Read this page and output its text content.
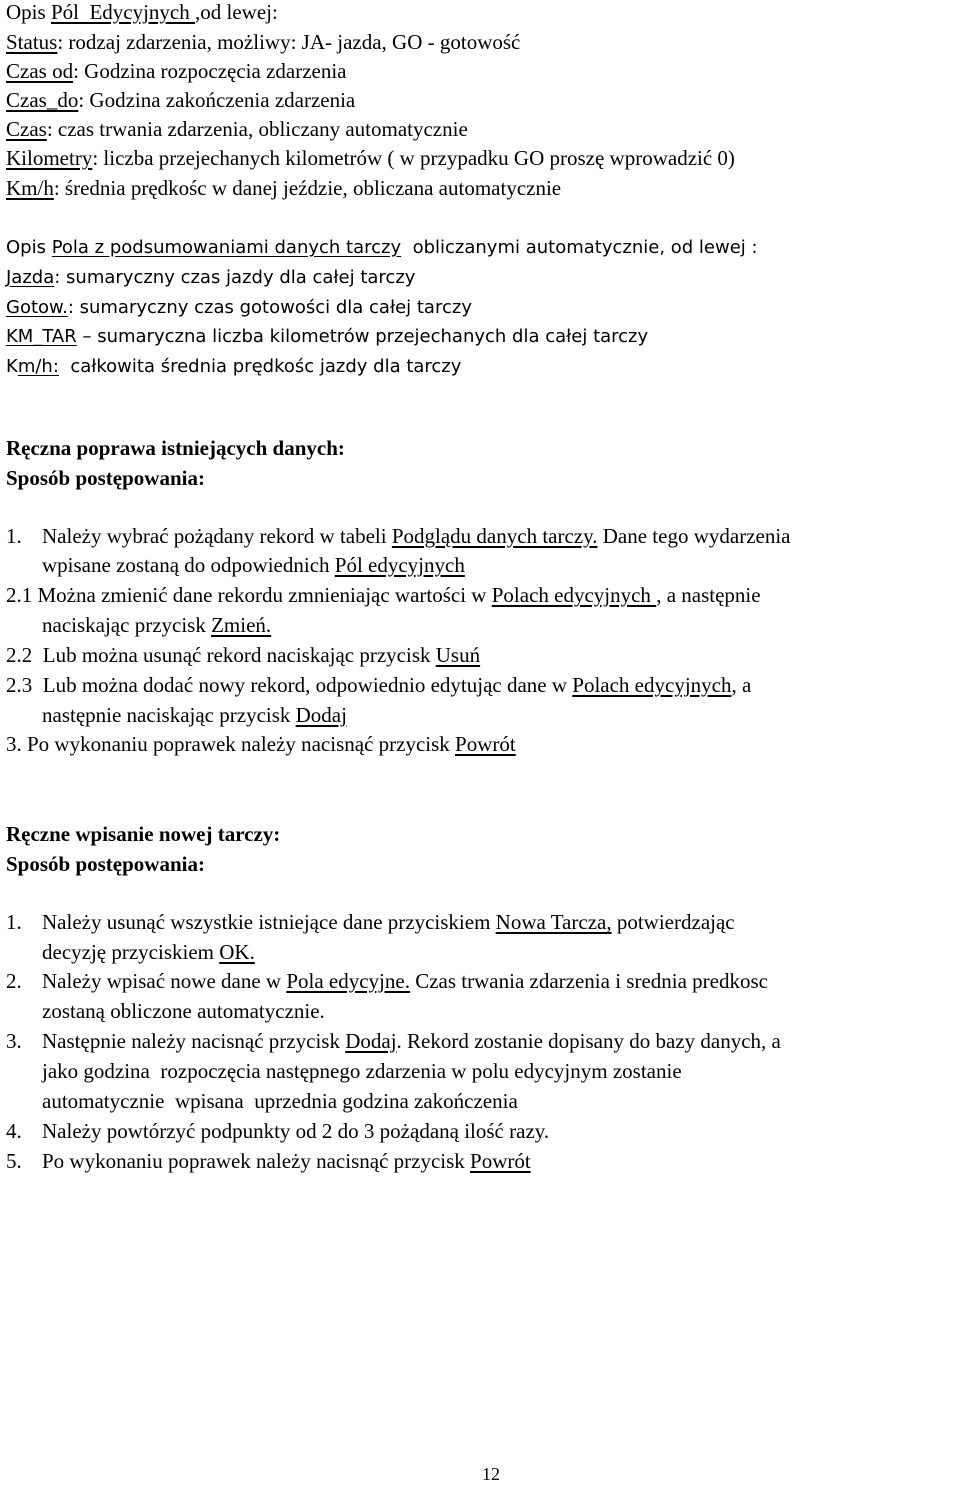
Opis Pól  Edycyjnych ,od lewej:
Status: rodzaj zdarzenia, możliwy: JA- jazda, GO - gotowość
Czas od: Godzina rozpoczęcia zdarzenia
Czas_do: Godzina zakończenia zdarzenia
Czas: czas trwania zdarzenia, obliczany automatycznie
Kilometry: liczba przejechanych kilometrów ( w przypadku GO proszę wprowadzić 0)
Km/h: średnia prędkośc w danej jeździe, obliczana automatycznie
Opis Pola z podsumowaniami danych tarczy  obliczanymi automatycznie, od lewej :
Jazda: sumaryczny czas jazdy dla całej tarczy
Gotow.: sumaryczny czas gotowości dla całej tarczy
KM_TAR – sumaryczna liczba kilometrów przejechanych dla całej tarczy
Km/h:  całkowita średnia prędkośc jazdy dla tarczy
Ręczna poprawa istniejących danych:
Sposób postępowania:
1. Należy wybrać pożądany rekord w tabeli Podglądu danych tarczy. Dane tego wydarzenia
wpisane zostaną do odpowiednich Pól edycyjnych
2.1 Można zmienić dane rekordu zmnieniając wartości w Polach edycyjnych , a następnie
naciskając przycisk Zmień.
2.2  Lub można usunąć rekord naciskając przycisk Usuń
2.3  Lub można dodać nowy rekord, odpowiednio edytując dane w Polach edycyjnych, a
następnie naciskając przycisk Dodaj
3. Po wykonaniu poprawek należy nacisnąć przycisk Powrót
Ręczne wpisanie nowej tarczy:
Sposób postępowania:
1. Należy usunąć wszystkie istniejące dane przyciskiem Nowa Tarcza, potwierdzając
decyzję przyciskiem OK.
2. Należy wpisać nowe dane w Pola edycyjne. Czas trwania zdarzenia i srednia predkosc
zostaną obliczone automatycznie.
3. Następnie należy nacisnąć przycisk Dodaj. Rekord zostanie dopisany do bazy danych, a
jako godzina  rozpoczęcia następnego zdarzenia w polu edycyjnym zostanie
automatycznie  wpisana  uprzednia godzina zakończenia
4. Należy powtórzyć podpunkty od 2 do 3 pożądaną ilość razy.
5. Po wykonaniu poprawek należy nacisnąć przycisk Powrót
12
